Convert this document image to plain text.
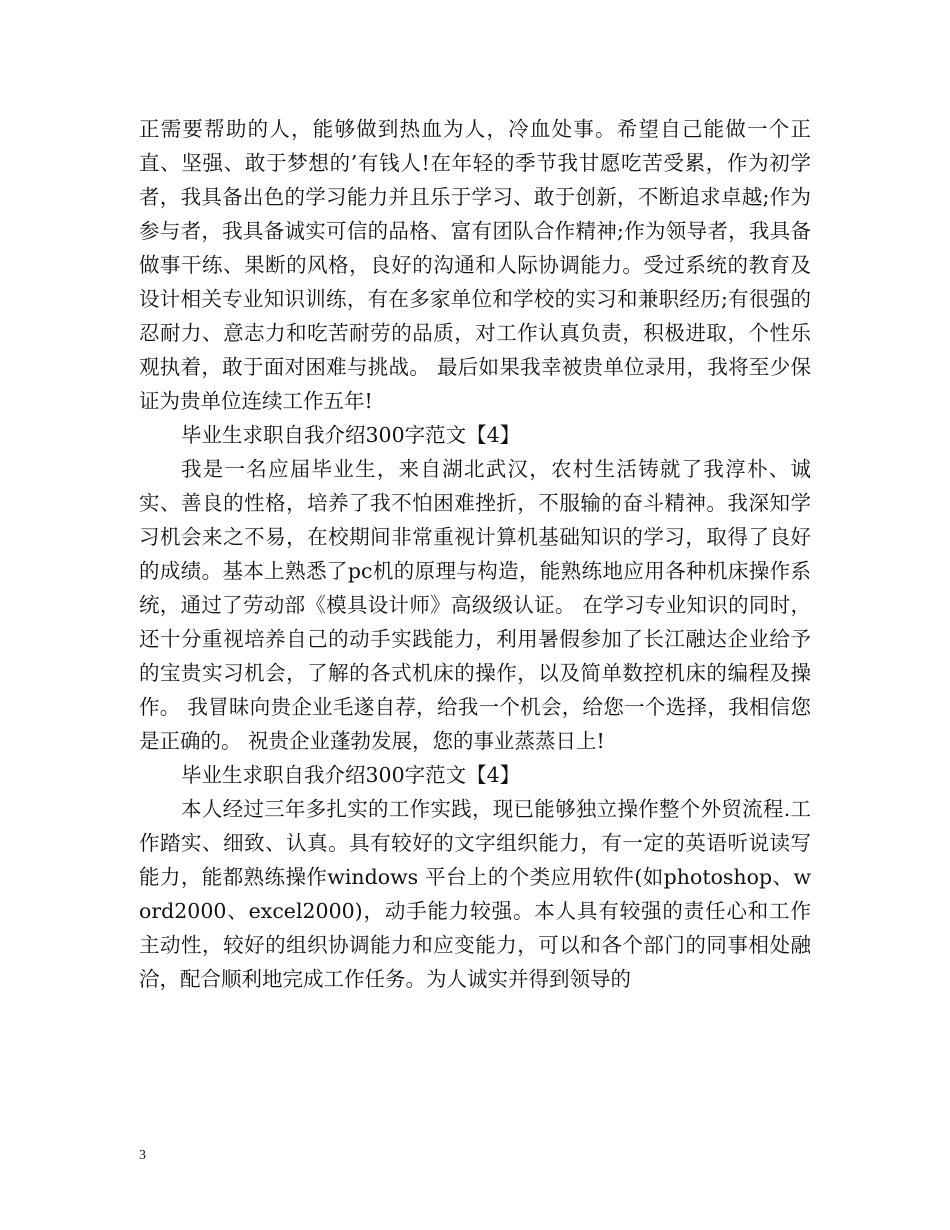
正需要帮助的人，能够做到热血为人，冷血处事。希望自己能做一个正直、坚强、敢于梦想的’有钱人!在年轻的季节我甘愿吃苦受累，作为初学者，我具备出色的学习能力并且乐于学习、敢于创新，不断追求卓越;作为参与者，我具备诚实可信的品格、富有团队合作精神;作为领导者，我具备做事干练、果断的风格，良好的沟通和人际协调能力。受过系统的教育及设计相关专业知识训练，有在多家单位和学校的实习和兼职经历;有很强的忍耐力、意志力和吃苦耐劳的品质，对工作认真负责，积极进取，个性乐观执着，敢于面对困难与挑战。 最后如果我幸被贵单位录用，我将至少保证为贵单位连续工作五年!

毕业生求职自我介绍300字范文【4】

我是一名应届毕业生，来自湖北武汉，农村生活铸就了我淳朴、诚实、善良的性格，培养了我不怕困难挫折，不服输的奋斗精神。我深知学习机会来之不易，在校期间非常重视计算机基础知识的学习，取得了良好的成绩。基本上熟悉了pc机的原理与构造，能熟练地应用各种机床操作系统，通过了劳动部《模具设计师》高级级认证。 在学习专业知识的同时，还十分重视培养自己的动手实践能力，利用暑假参加了长江融达企业给予的宝贵实习机会，了解的各式机床的操作，以及简单数控机床的编程及操作。 我冒昧向贵企业毛遂自荐，给我一个机会，给您一个选择，我相信您是正确的。 祝贵企业蓬勃发展，您的事业蒸蒸日上!

毕业生求职自我介绍300字范文【4】

本人经过三年多扎实的工作实践，现已能够独立操作整个外贸流程.工作踏实、细致、认真。具有较好的文字组织能力，有一定的英语听说读写能力，能都熟练操作windows 平台上的个类应用软件(如photoshop、word2000、excel2000)，动手能力较强。本人具有较强的责任心和工作主动性，较好的组织协调能力和应变能力，可以和各个部门的同事相处融洽，配合顺利地完成工作任务。为人诚实并得到领导的

3
